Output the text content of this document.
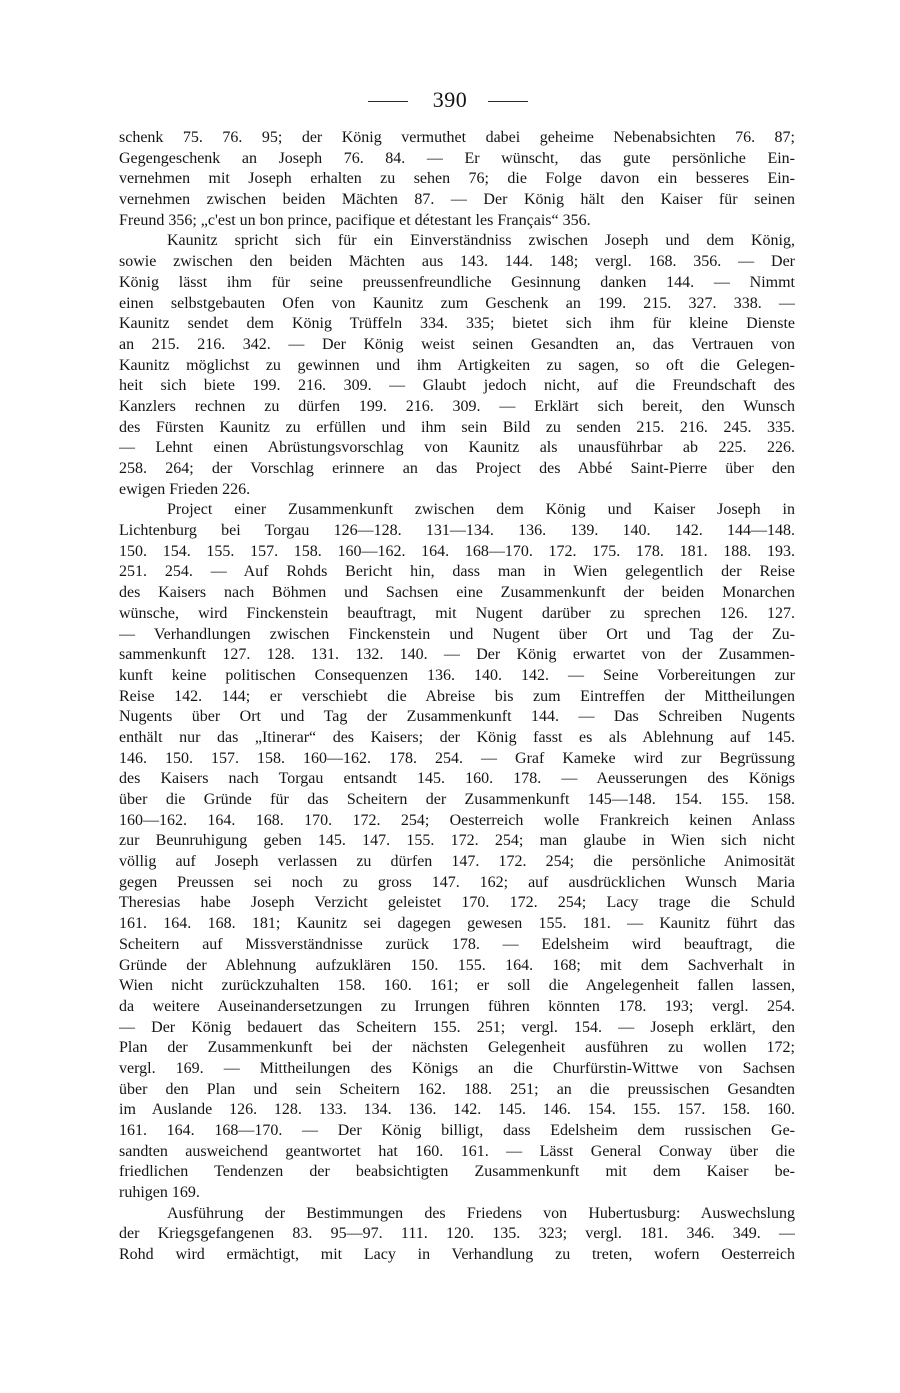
390
schenk 75. 76. 95; der König vermuthet dabei geheime Nebenabsichten 76. 87;
Gegengeschenk an Joseph 76. 84. — Er wünscht, das gute persönliche Ein-
vernehmen mit Joseph erhalten zu sehen 76; die Folge davon ein besseres Ein-
vernehmen zwischen beiden Mächten 87. — Der König hält den Kaiser für seinen
Freund 356; „c'est un bon prince, pacifique et détestant les Français“ 356.
Kaunitz spricht sich für ein Einverständniss zwischen Joseph und dem König,
sowie zwischen den beiden Mächten aus 143. 144. 148; vergl. 168. 356. — Der
König lässt ihm für seine preussenfreundliche Gesinnung danken 144. — Nimmt
einen selbstgebauten Ofen von Kaunitz zum Geschenk an 199. 215. 327. 338. —
Kaunitz sendet dem König Trüffeln 334. 335; bietet sich ihm für kleine Dienste
an 215. 216. 342. — Der König weist seinen Gesandten an, das Vertrauen von
Kaunitz möglichst zu gewinnen und ihm Artigkeiten zu sagen, so oft die Gelegen-
heit sich biete 199. 216. 309. — Glaubt jedoch nicht, auf die Freundschaft des
Kanzlers rechnen zu dürfen 199. 216. 309. — Erklärt sich bereit, den Wunsch
des Fürsten Kaunitz zu erfüllen und ihm sein Bild zu senden 215. 216. 245. 335.
— Lehnt einen Abrüstungsvorschlag von Kaunitz als unausführbar ab 225. 226.
258. 264; der Vorschlag erinnere an das Project des Abbé Saint-Pierre über den
ewigen Frieden 226.
Project einer Zusammenkunft zwischen dem König und Kaiser Joseph in
Lichtenburg bei Torgau 126—128. 131—134. 136. 139. 140. 142. 144—148.
150. 154. 155. 157. 158. 160—162. 164. 168—170. 172. 175. 178. 181. 188. 193.
251. 254. — Auf Rohds Bericht hin, dass man in Wien gelegentlich der Reise
des Kaisers nach Böhmen und Sachsen eine Zusammenkunft der beiden Monarchen
wünsche, wird Finckenstein beauftragt, mit Nugent darüber zu sprechen 126. 127.
— Verhandlungen zwischen Finckenstein und Nugent über Ort und Tag der Zu-
sammenkunft 127. 128. 131. 132. 140. — Der König erwartet von der Zusammen-
kunft keine politischen Consequenzen 136. 140. 142. — Seine Vorbereitungen zur
Reise 142. 144; er verschiebt die Abreise bis zum Eintreffen der Mittheilungen
Nugents über Ort und Tag der Zusammenkunft 144. — Das Schreiben Nugents
enthält nur das „Itinerar“ des Kaisers; der König fasst es als Ablehnung auf 145.
146. 150. 157. 158. 160—162. 178. 254. — Graf Kameke wird zur Begrüssung
des Kaisers nach Torgau entsandt 145. 160. 178. — Aeusserungen des Königs
über die Gründe für das Scheitern der Zusammenkunft 145—148. 154. 155. 158.
160—162. 164. 168. 170. 172. 254; Oesterreich wolle Frankreich keinen Anlass
zur Beunruhigung geben 145. 147. 155. 172. 254; man glaube in Wien sich nicht
völlig auf Joseph verlassen zu dürfen 147. 172. 254; die persönliche Animosität
gegen Preussen sei noch zu gross 147. 162; auf ausdrücklichen Wunsch Maria
Theresias habe Joseph Verzicht geleistet 170. 172. 254; Lacy trage die Schuld
161. 164. 168. 181; Kaunitz sei dagegen gewesen 155. 181. — Kaunitz führt das
Scheitern auf Missverständnisse zurück 178. — Edelsheim wird beauftragt, die
Gründe der Ablehnung aufzuklären 150. 155. 164. 168; mit dem Sachverhalt in
Wien nicht zurückzuhalten 158. 160. 161; er soll die Angelegenheit fallen lassen,
da weitere Auseinandersetzungen zu Irrungen führen könnten 178. 193; vergl. 254.
— Der König bedauert das Scheitern 155. 251; vergl. 154. — Joseph erklärt, den
Plan der Zusammenkunft bei der nächsten Gelegenheit ausführen zu wollen 172;
vergl. 169. — Mittheilungen des Königs an die Churfürstin-Wittwe von Sachsen
über den Plan und sein Scheitern 162. 188. 251; an die preussischen Gesandten
im Auslande 126. 128. 133. 134. 136. 142. 145. 146. 154. 155. 157. 158. 160.
161. 164. 168—170. — Der König billigt, dass Edelsheim dem russischen Ge-
sandten ausweichend geantwortet hat 160. 161. — Lässt General Conway über die
friedlichen Tendenzen der beabsichtigten Zusammenkunft mit dem Kaiser be-
ruhigen 169.
Ausführung der Bestimmungen des Friedens von Hubertusburg: Auswechslung
der Kriegsgefangenen 83. 95—97. 111. 120. 135. 323; vergl. 181. 346. 349. —
Rohd wird ermächtigt, mit Lacy in Verhandlung zu treten, wofern Oesterreich
